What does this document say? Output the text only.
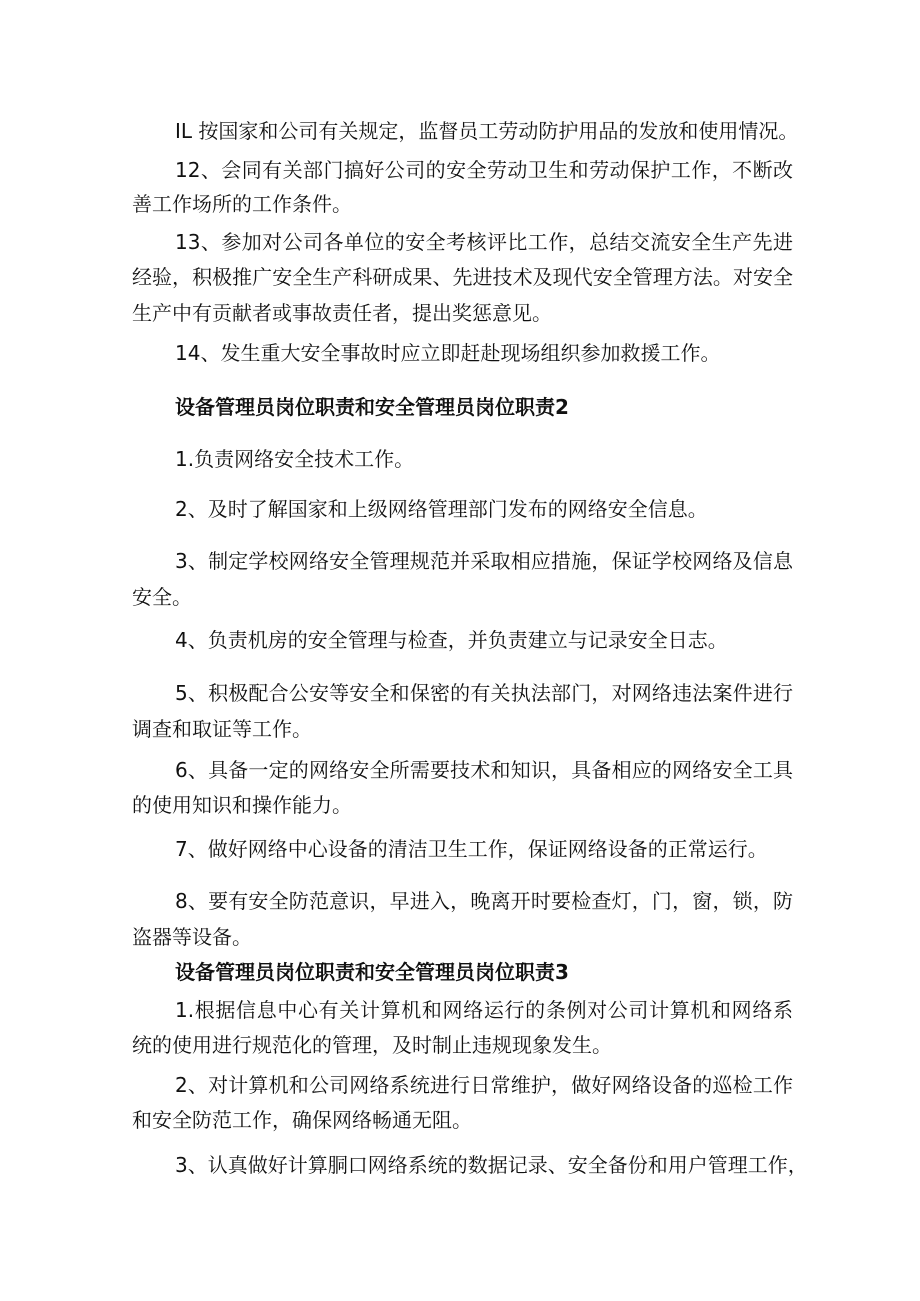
IL 按国家和公司有关规定，监督员工劳动防护用品的发放和使用情况。
12、会同有关部门搞好公司的安全劳动卫生和劳动保护工作，不断改
善工作场所的工作条件。
13、参加对公司各单位的安全考核评比工作，总结交流安全生产先进
经验，积极推广安全生产科研成果、先进技术及现代安全管理方法。对安全
生产中有贡献者或事故责任者，提出奖惩意见。
14、发生重大安全事故时应立即赶赴现场组织参加救援工作。
设备管理员岗位职责和安全管理员岗位职责2
1.负责网络安全技术工作。
2、及时了解国家和上级网络管理部门发布的网络安全信息。
3、制定学校网络安全管理规范并采取相应措施，保证学校网络及信息
安全。
4、负责机房的安全管理与检查，并负责建立与记录安全日志。
5、积极配合公安等安全和保密的有关执法部门，对网络违法案件进行
调查和取证等工作。
6、具备一定的网络安全所需要技术和知识，具备相应的网络安全工具
的使用知识和操作能力。
7、做好网络中心设备的清洁卫生工作，保证网络设备的正常运行。
8、要有安全防范意识，早进入，晚离开时要检查灯，门，窗，锁，防
盗器等设备。
设备管理员岗位职责和安全管理员岗位职责3
1.根据信息中心有关计算机和网络运行的条例对公司计算机和网络系
统的使用进行规范化的管理，及时制止违规现象发生。
2、对计算机和公司网络系统进行日常维护，做好网络设备的巡检工作
和安全防范工作，确保网络畅通无阻。
3、认真做好计算胴口网络系统的数据记录、安全备份和用户管理工作，
